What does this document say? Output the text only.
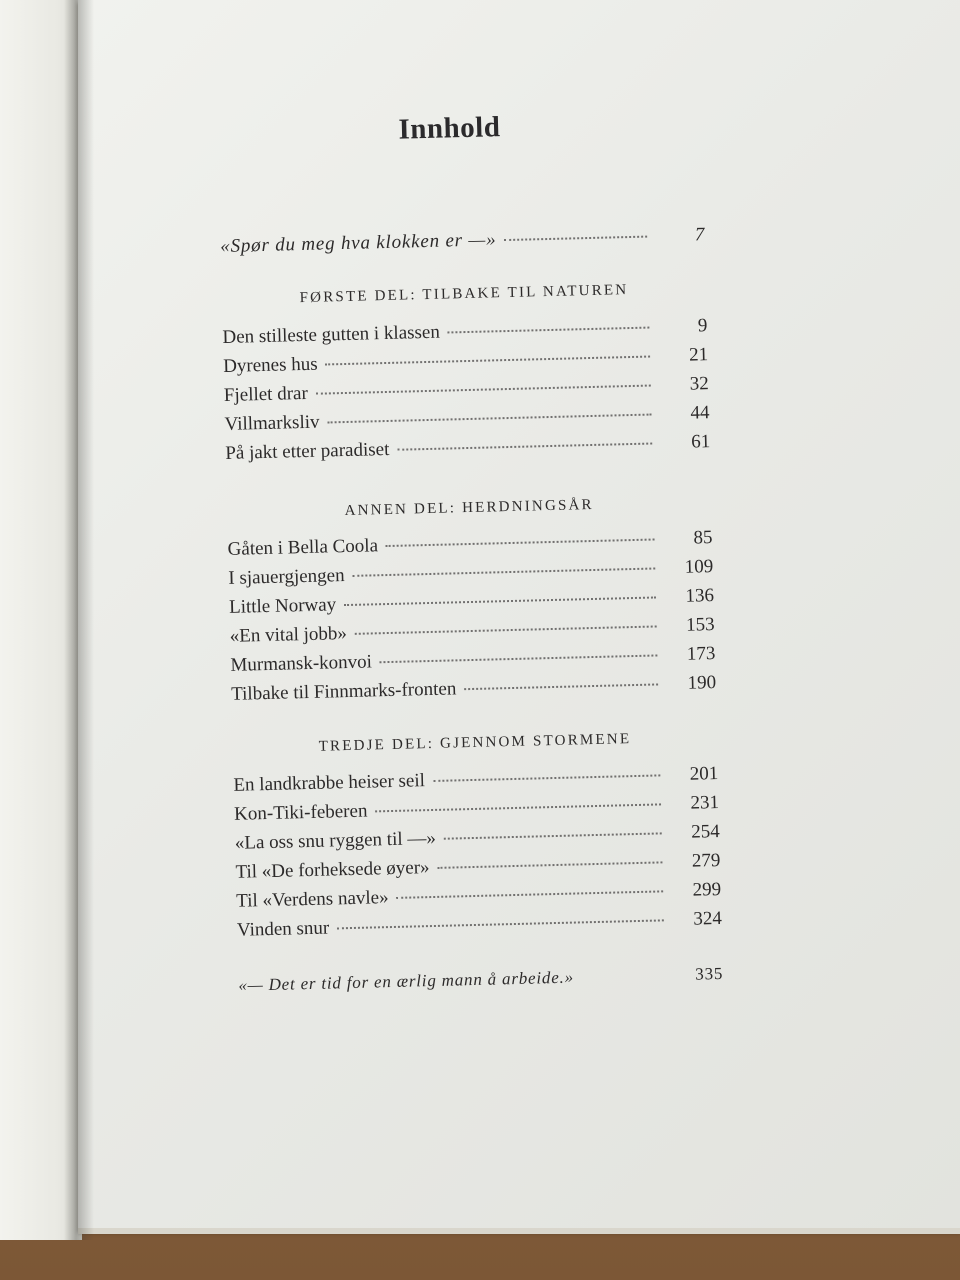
Innhold
«Spør du meg hva klokken er —»	7
FØRSTE DEL: TILBAKE TIL NATUREN
Den stilleste gutten i klassen	9
Dyrenes hus	21
Fjellet drar	32
Villmarksliv	44
På jakt etter paradiset	61
ANNEN DEL: HERDNINGSÅR
Gåten i Bella Coola	85
I sjauergjengen	109
Little Norway	136
«En vital jobb»	153
Murmansk-konvoi	173
Tilbake til Finnmarks-fronten	190
TREDJE DEL: GJENNOM STORMENE
En landkrabbe heiser seil	201
Kon-Tiki-feberen	231
«La oss snu ryggen til —»	254
Til «De forheksede øyer»	279
Til «Verdens navle»	299
Vinden snur	324
«— Det er tid for en ærlig mann å arbeide.»	335
